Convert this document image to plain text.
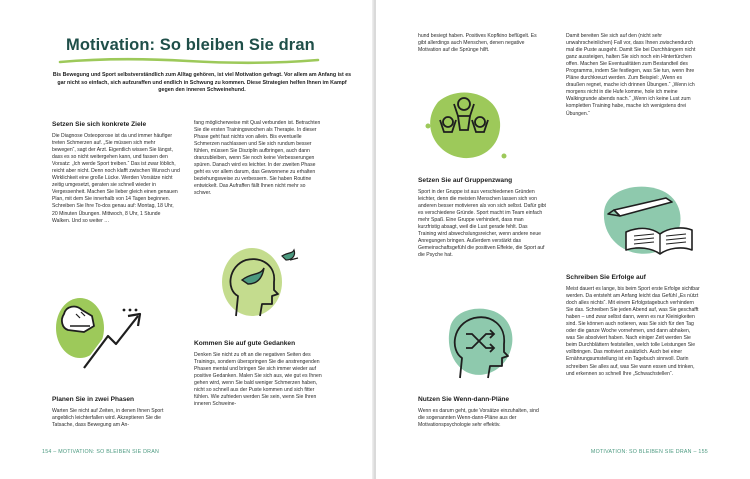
Motivation: So bleiben Sie dran

Bis Bewegung und Sport selbstverständlich zum Alltag gehören, ist viel Motivation gefragt. Vor allem am Anfang ist es gar nicht so einfach, sich aufzuraffen und endlich in Schwung zu kommen. Diese Strategien helfen Ihnen im Kampf gegen den inneren Schweinehund.

Setzen Sie sich konkrete Ziele

Die Diagnose Osteoporose ist da und immer häufiger treten Schmerzen auf. „Sie müssen sich mehr bewegen“, sagt der Arzt. Eigentlich wissen Sie längst, dass es so nicht weitergehen kann, und fassen den Vorsatz: „Ich werde Sport treiben.“ Das ist zwar löblich, reicht aber nicht. Denn noch klafft zwischen Wunsch und Wirklichkeit eine große Lücke. Werden Vorsätze nicht zeitig umgesetzt, geraten sie schnell wieder in Vergessenheit. Machen Sie lieber gleich einen genauen Plan, mit dem Sie innerhalb von 14 Tagen beginnen. Schreiben Sie Ihre To-dos genau auf: Montag, 18 Uhr, 20 Minuten Übungen. Mittwoch, 8 Uhr, 1 Stunde Walken. Und so weiter …

fang möglicherweise mit Qual verbunden ist. Betrachten Sie die ersten Trainingswochen als Therapie. In dieser Phase geht fast nichts von allein. Bis eventuelle Schmerzen nachlassen und Sie sich rundum besser fühlen, müssen Sie Disziplin aufbringen, auch dann dranzubleiben, wenn Sie noch keine Verbesserungen spüren. Danach wird es leichter. In der zweiten Phase geht es vor allem darum, das Gewonnene zu erhalten beziehungsweise zu verbessern. Sie haben Routine entwickelt. Das Aufraffen fällt Ihnen nicht mehr so schwer.

Planen Sie in zwei Phasen

Warten Sie nicht auf Zeiten, in denen Ihnen Sport angeblich leichterfallen wird. Akzeptieren Sie die Tatsache, dass Bewegung am An-

Kommen Sie auf gute Gedanken

Denken Sie nicht zu oft an die negativen Seiten des Trainings, sondern überspringen Sie die anstrengenden Phasen mental und bringen Sie sich immer wieder auf positive Gedanken. Malen Sie sich aus, wie gut es Ihnen gehen wird, wenn Sie bald weniger Schmerzen haben, nicht so schnell aus der Puste kommen und sich fitter fühlen. Wie zufrieden werden Sie sein, wenn Sie Ihren inneren Schweine-

154 – MOTIVATION: SO BLEIBEN SIE DRAN

hund besiegt haben. Positives Kopfkino beflügelt. Es gibt allerdings auch Menschen, denen negative Motivation auf die Sprünge hilft.

Setzen Sie auf Gruppenzwang

Sport in der Gruppe ist aus verschiedenen Gründen leichter, denn die meisten Menschen lassen sich von anderen besser motivieren als von sich selbst. Dafür gibt es verschiedene Gründe. Sport macht im Team einfach mehr Spaß. Eine Gruppe verhindert, dass man kurzfristig absagt, weil die Lust gerade fehlt. Das Training wird abwechslungsreicher, wenn andere neue Anregungen bringen. Außerdem verstärkt das Gemeinschaftsgefühl die positiven Effekte, die Sport auf die Psyche hat.

Nutzen Sie Wenn-dann-Pläne

Wenn es darum geht, gute Vorsätze einzuhalten, sind die sogenannten Wenn-dann-Pläne aus der Motivationspsychologie sehr effektiv.

Damit bereiten Sie sich auf den (nicht sehr unwahrscheinlichen) Fall vor, dass Ihnen zwischendurch mal die Puste ausgeht. Damit Sie bei Durchhängern nicht ganz aussteigen, halten Sie sich noch ein Hintertürchen offen. Machen Sie Eventualitäten zum Bestandteil des Programms, indem Sie festlegen, was Sie tun, wenn Ihre Pläne durchkreuzt werden. Zum Beispiel: „Wenn es draußen regnet, mache ich drinnen Übungen.“ „Wenn ich morgens nicht in die Hufe komme, hole ich meine Walkingrunde abends nach.“ „Wenn ich keine Lust zum kompletten Training habe, mache ich wenigstens drei Übungen.“

Schreiben Sie Erfolge auf

Meist dauert es lange, bis beim Sport erste Erfolge sichtbar werden. Da entsteht am Anfang leicht das Gefühl „Es nützt doch alles nichts“. Mit einem Erfolgstagebuch verhindern Sie das. Schreiben Sie jeden Abend auf, was Sie geschafft haben – und zwar selbst dann, wenn es nur Kleinigkeiten sind. Sie können auch notieren, was Sie sich für den Tag oder die ganze Woche vornehmen, und dann abhaken, was Sie absolviert haben. Nach einiger Zeit werden Sie beim Durchblättern feststellen, welch tolle Leistungen Sie vollbringen. Das motiviert zusätzlich. Auch bei einer Ernährungsumstellung ist ein Tagebuch sinnvoll. Darin schreiben Sie alles auf, was Sie wann essen und trinken, und erkennen so schnell Ihre „Schwachstellen“.

MOTIVATION: SO BLEIBEN SIE DRAN – 155
